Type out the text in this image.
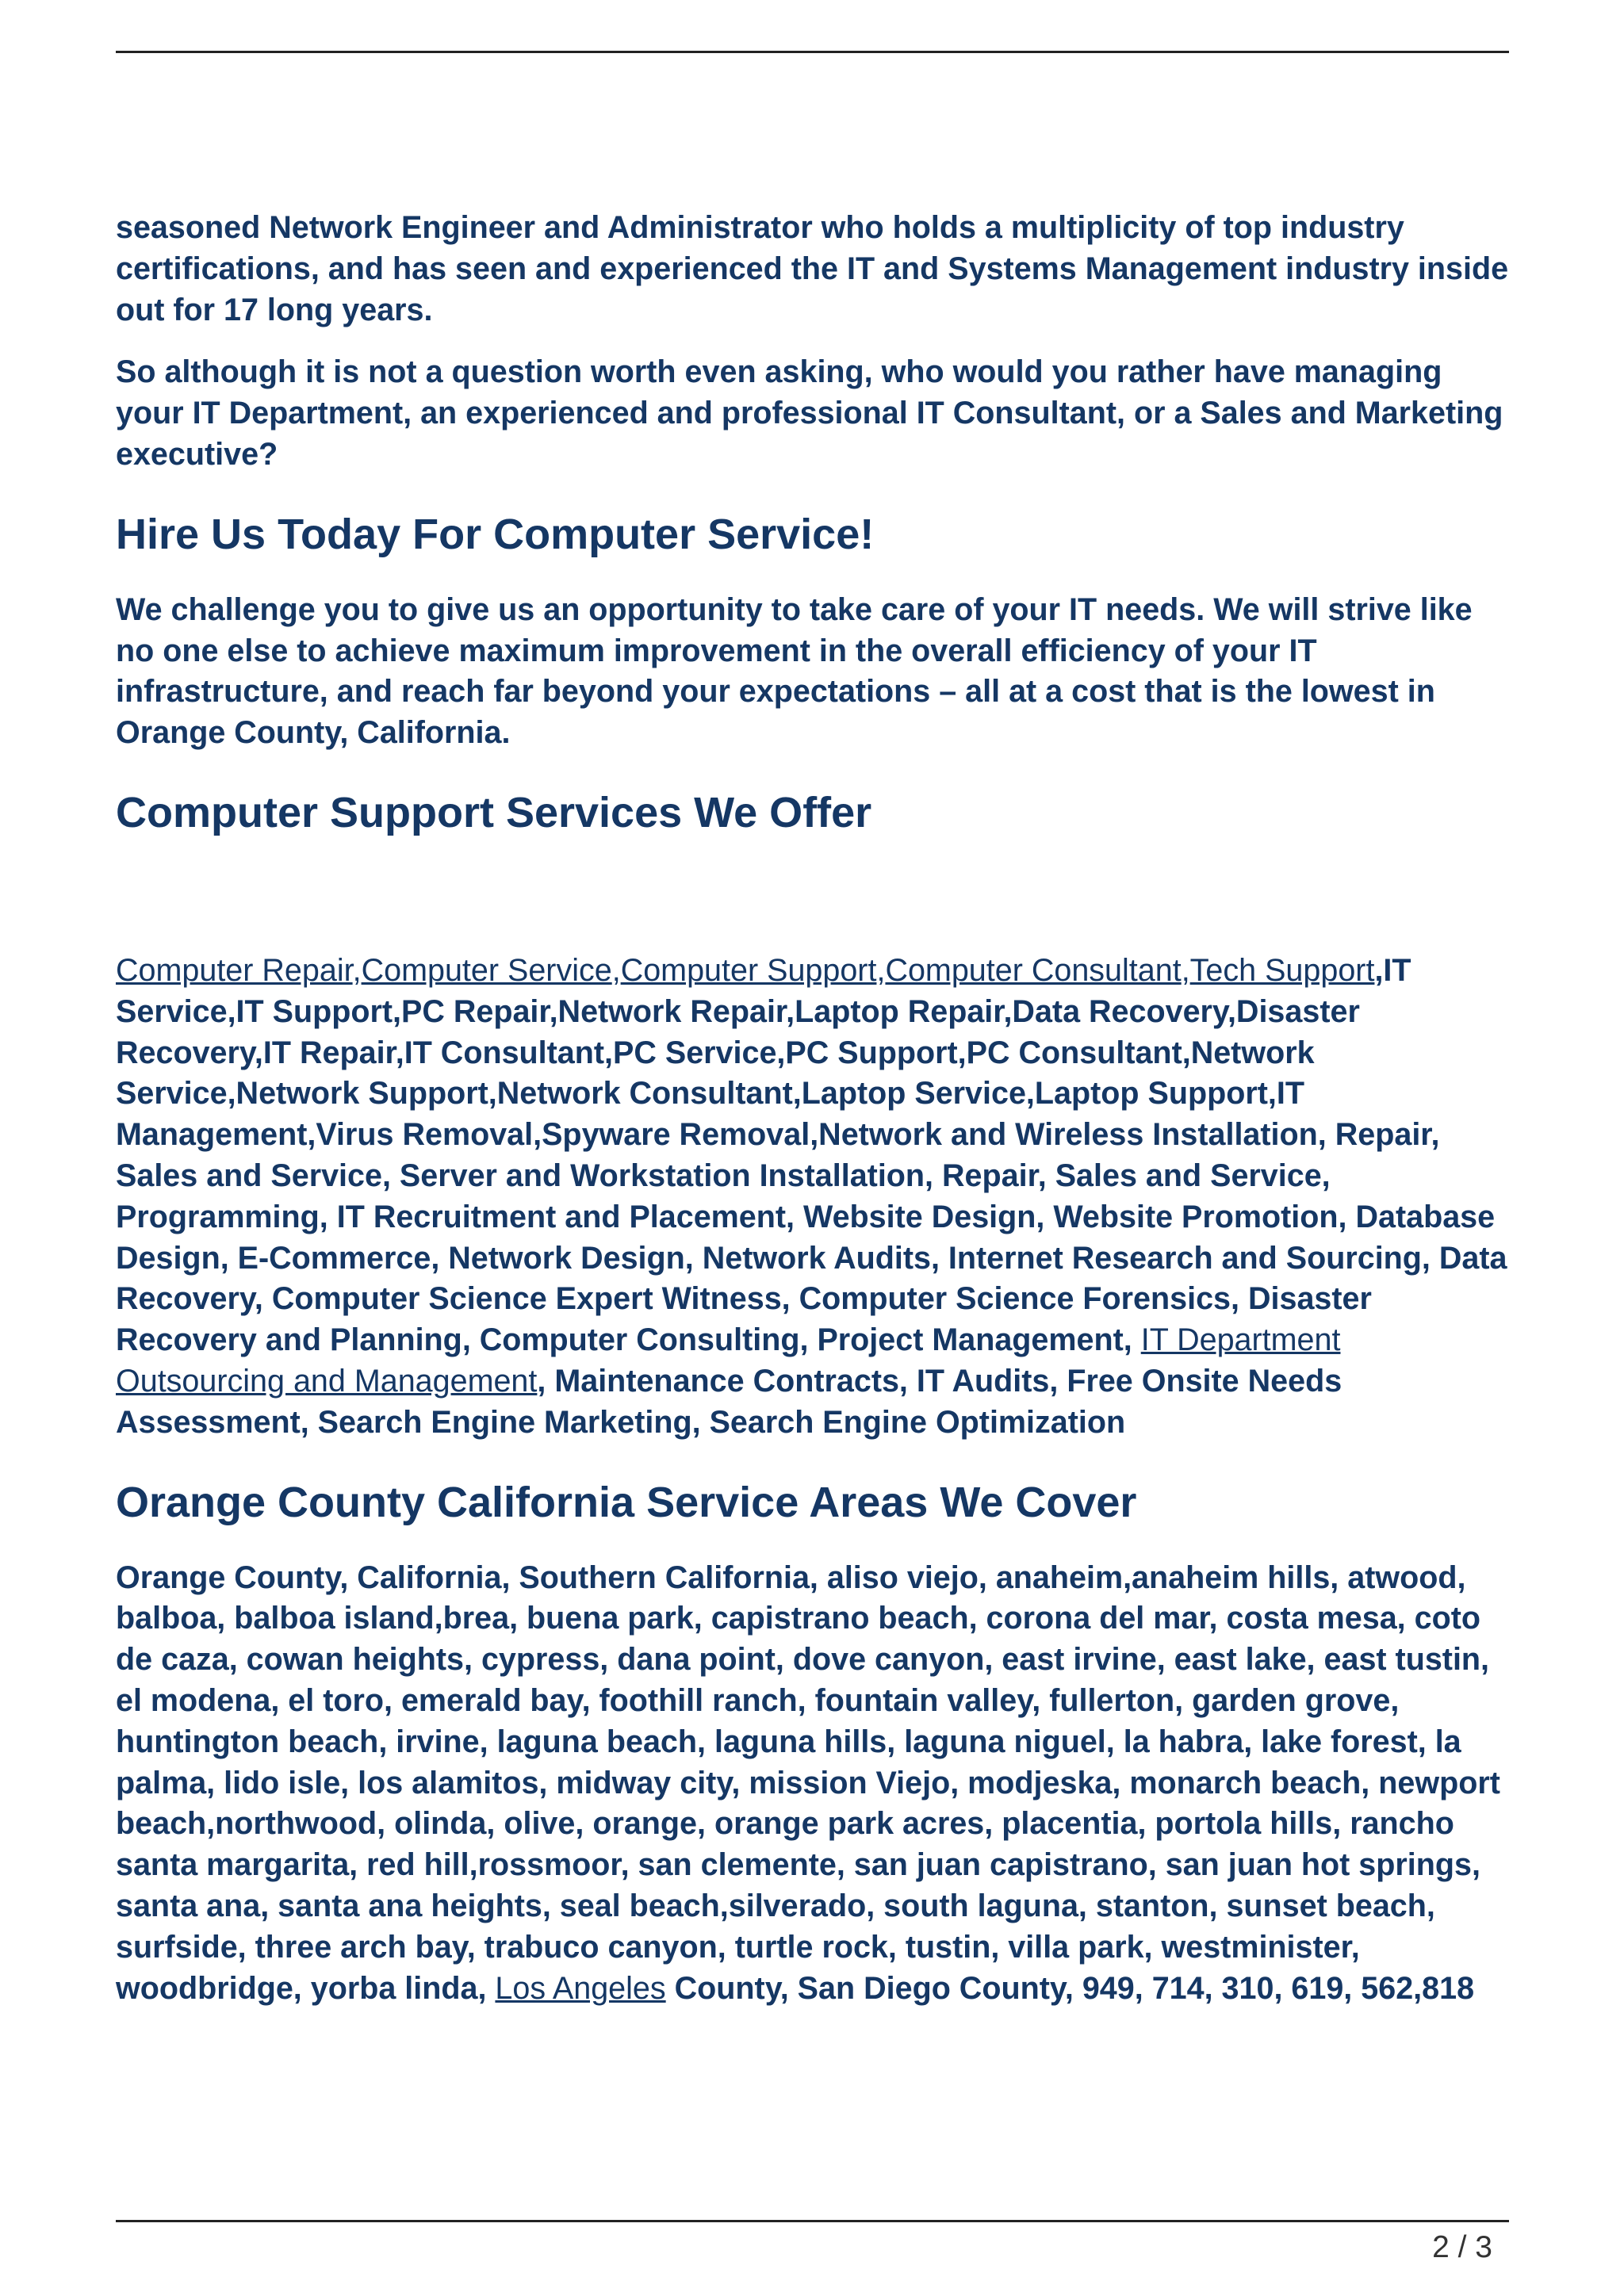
seasoned Network Engineer and Administrator who holds a multiplicity of top industry certifications, and has seen and experienced the IT and Systems Management industry inside out for 17 long years.

So although it is not a question worth even asking, who would you rather have managing your IT Department, an experienced and professional IT Consultant, or a Sales and Marketing executive?

Hire Us Today For Computer Service!

We challenge you to give us an opportunity to take care of your IT needs. We will strive like no one else to achieve maximum improvement in the overall efficiency of your IT infrastructure, and reach far beyond your expectations – all at a cost that is the lowest in Orange County, California.

Computer Support Services We Offer

Computer Repair,Computer Service,Computer Support,Computer Consultant,Tech Support,IT Service,IT Support,PC Repair,Network Repair,Laptop Repair,Data Recovery,Disaster Recovery,IT Repair,IT Consultant,PC Service,PC Support,PC Consultant,Network Service,Network Support,Network Consultant,Laptop Service,Laptop Support,IT Management,Virus Removal,Spyware Removal,Network and Wireless Installation, Repair, Sales and Service, Server and Workstation Installation, Repair, Sales and Service, Programming, IT Recruitment and Placement, Website Design, Website Promotion, Database Design, E-Commerce, Network Design, Network Audits, Internet Research and Sourcing, Data Recovery, Computer Science Expert Witness, Computer Science Forensics, Disaster Recovery and Planning, Computer Consulting, Project Management, IT Department Outsourcing and Management, Maintenance Contracts, IT Audits, Free Onsite Needs Assessment, Search Engine Marketing, Search Engine Optimization

Orange County California Service Areas We Cover

Orange County, California, Southern California, aliso viejo, anaheim,anaheim hills, atwood, balboa, balboa island,brea, buena park, capistrano beach, corona del mar, costa mesa, coto de caza, cowan heights, cypress, dana point, dove canyon, east irvine, east lake, east tustin, el modena, el toro, emerald bay, foothill ranch, fountain valley, fullerton, garden grove, huntington beach, irvine, laguna beach, laguna hills, laguna niguel, la habra, lake forest, la palma, lido isle, los alamitos, midway city, mission Viejo, modjeska, monarch beach, newport beach,northwood, olinda, olive, orange, orange park acres, placentia, portola hills, rancho santa margarita, red hill,rossmoor, san clemente, san juan capistrano, san juan hot springs, santa ana, santa ana heights, seal beach,silverado, south laguna, stanton, sunset beach, surfside, three arch bay, trabuco canyon, turtle rock, tustin, villa park, westminister, woodbridge, yorba linda, Los Angeles County, San Diego County, 949, 714, 310, 619, 562,818

2 / 3
